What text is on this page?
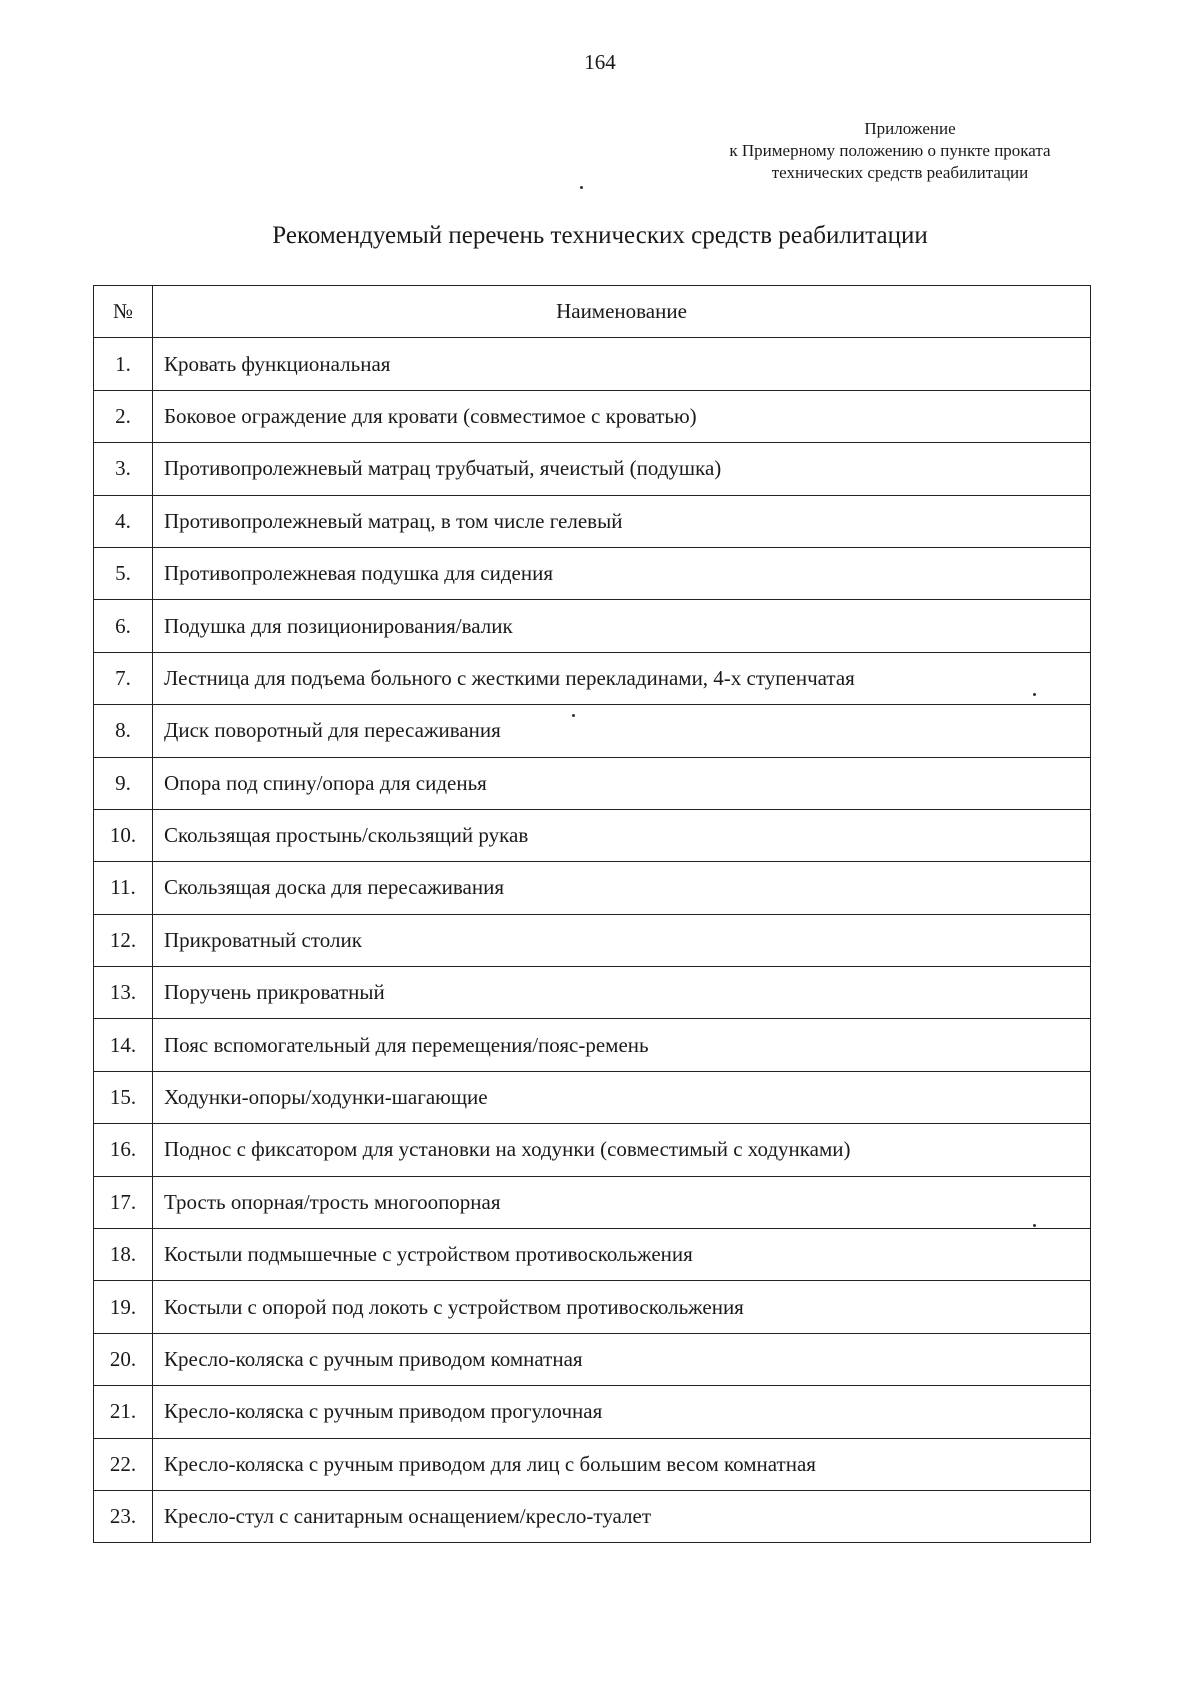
164
Приложение
к Примерному положению о пункте проката
технических средств реабилитации
Рекомендуемый перечень технических средств реабилитации
№	Наименование
1.	Кровать функциональная
2.	Боковое ограждение для кровати (совместимое с кроватью)
3.	Противопролежневый матрац трубчатый, ячеистый (подушка)
4.	Противопролежневый матрац, в том числе гелевый
5.	Противопролежневая подушка для сидения
6.	Подушка для позиционирования/валик
7.	Лестница для подъема больного с жесткими перекладинами, 4-х ступенчатая
8.	Диск поворотный для пересаживания
9.	Опора под спину/опора для сиденья
10.	Скользящая простынь/скользящий рукав
11.	Скользящая доска для пересаживания
12.	Прикроватный столик
13.	Поручень прикроватный
14.	Пояс вспомогательный для перемещения/пояс-ремень
15.	Ходунки-опоры/ходунки-шагающие
16.	Поднос с фиксатором для установки на ходунки (совместимый с ходунками)
17.	Трость опорная/трость многоопорная
18.	Костыли подмышечные с устройством противоскольжения
19.	Костыли с опорой под локоть с устройством противоскольжения
20.	Кресло-коляска с ручным приводом комнатная
21.	Кресло-коляска с ручным приводом прогулочная
22.	Кресло-коляска с ручным приводом для лиц с большим весом комнатная
23.	Кресло-стул с санитарным оснащением/кресло-туалет
